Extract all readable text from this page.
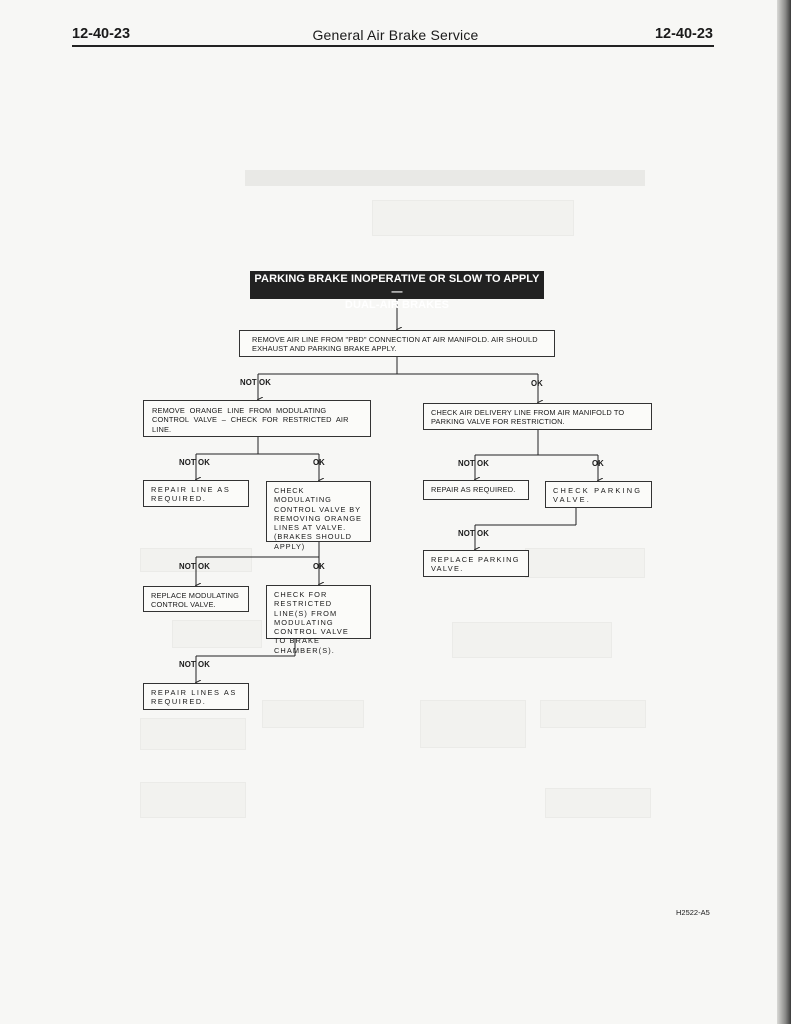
12-40-23	General Air Brake Service	12-40-23
PARKING BRAKE INOPERATIVE OR SLOW TO APPLY—
DUAL-AIR BRAKES
REMOVE AIR LINE FROM "PBD" CONNECTION AT AIR MANIFOLD. AIR SHOULD EXHAUST AND PARKING BRAKE APPLY.
NOT OK	OK
REMOVE ORANGE LINE FROM MODULATING CONTROL VALVE – CHECK FOR RESTRICTED AIR LINE.
NOT OK	OK
REPAIR LINE AS REQUIRED.
CHECK MODULATING CONTROL VALVE BY REMOVING ORANGE LINES AT VALVE. (BRAKES SHOULD APPLY)
NOT OK	OK
REPLACE MODULATING CONTROL VALVE.
CHECK FOR RESTRICTED LINE(S) FROM MODULATING CONTROL VALVE TO BRAKE CHAMBER(S).
NOT OK
REPAIR LINES AS REQUIRED.
CHECK AIR DELIVERY LINE FROM AIR MANIFOLD TO PARKING VALVE FOR RESTRICTION.
NOT OK	OK
REPAIR AS REQUIRED.	CHECK PARKING VALVE.
NOT OK
REPLACE PARKING VALVE.
H2522-A5
